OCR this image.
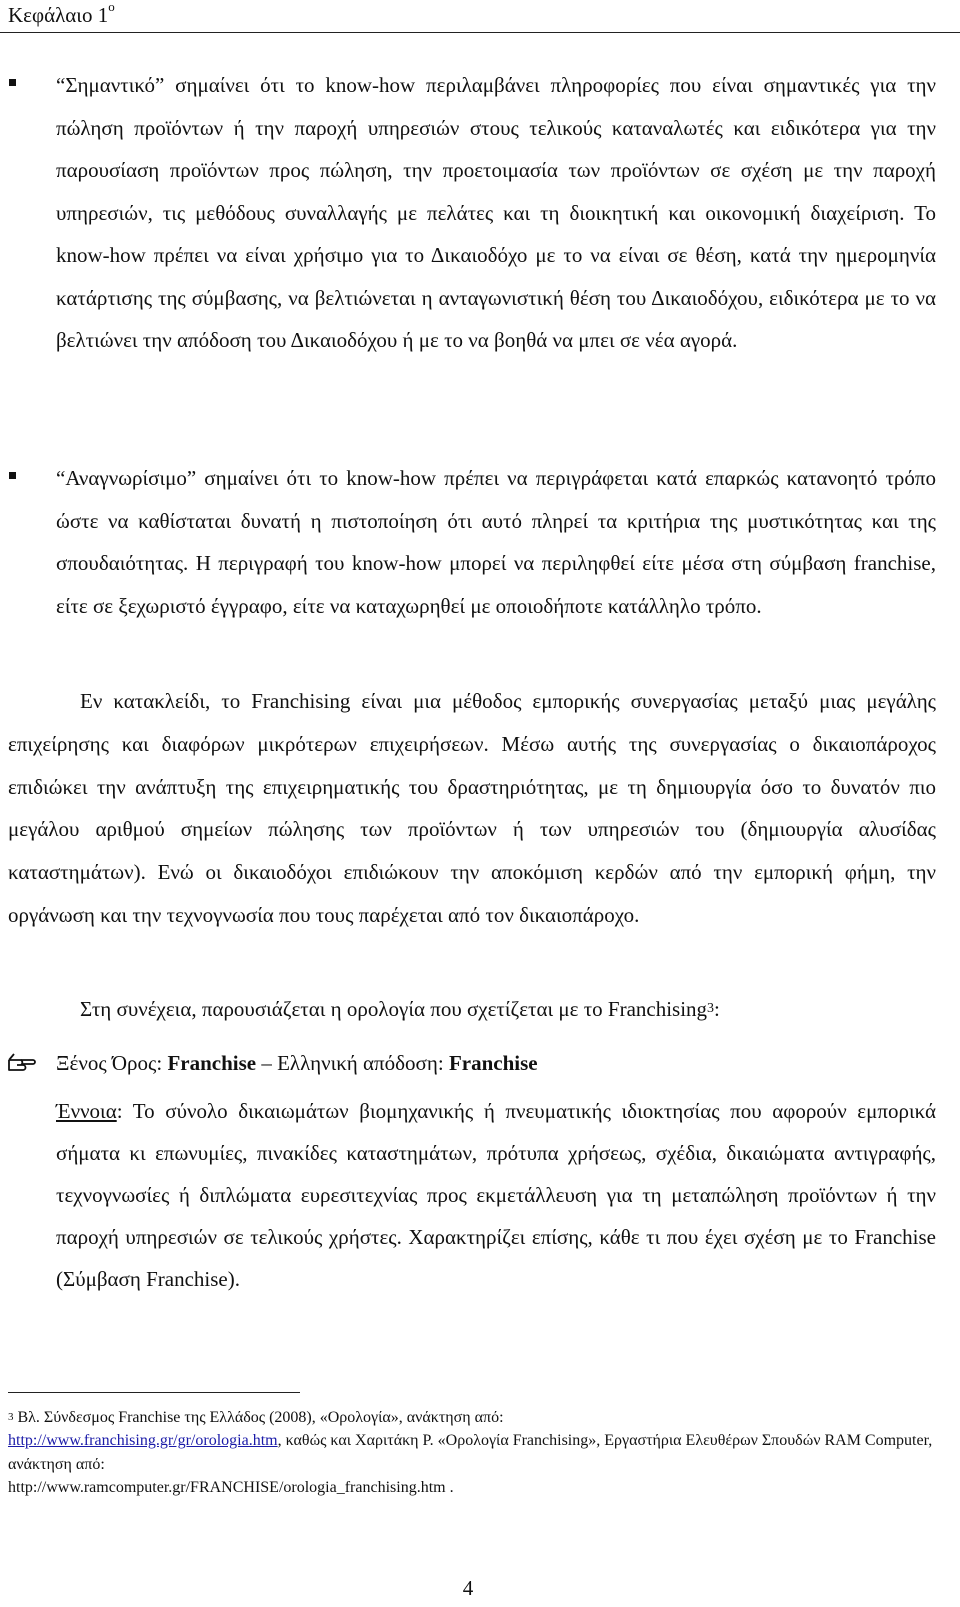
Κεφάλαιο $1^o$
“Σημαντικό” σημαίνει ότι το know-how περιλαμβάνει πληροφορίες που είναι σημαντικές για την πώληση προϊόντων ή την παροχή υπηρεσιών στους τελικούς καταναλωτές και ειδικότερα για την παρουσίαση προϊόντων προς πώληση, την προετοιμασία των προϊόντων σε σχέση με την παροχή υπηρεσιών, τις μεθόδους συναλλαγής με πελάτες και τη διοικητική και οικονομική διαχείριση. Το know-how πρέπει να είναι χρήσιμο για το Δικαιοδόχο με το να είναι σε θέση, κατά την ημερομηνία κατάρτισης της σύμβασης, να βελτιώνεται η ανταγωνιστική θέση του Δικαιοδόχου, ειδικότερα με το να βελτιώνει την απόδοση του Δικαιοδόχου ή με το να βοηθά να μπει σε νέα αγορά.
“Αναγνωρίσιμο” σημαίνει ότι το know-how πρέπει να περιγράφεται κατά επαρκώς κατανοητό τρόπο ώστε να καθίσταται δυνατή η πιστοποίηση ότι αυτό πληρεί τα κριτήρια της μυστικότητας και της σπουδαιότητας. Η περιγραφή του know-how μπορεί να περιληφθεί είτε μέσα στη σύμβαση franchise, είτε σε ξεχωριστό έγγραφο, είτε να καταχωρηθεί με οποιοδήποτε κατάλληλο τρόπο.
Εν κατακλείδι, το Franchising είναι μια μέθοδος εμπορικής συνεργασίας μεταξύ μιας μεγάλης επιχείρησης και διαφόρων μικρότερων επιχειρήσεων. Μέσω αυτής της συνεργασίας ο δικαιοπάροχος επιδιώκει την ανάπτυξη της επιχειρηματικής του δραστηριότητας, με τη δημιουργία όσο το δυνατόν πιο μεγάλου αριθμού σημείων πώλησης των προϊόντων ή των υπηρεσιών του (δημιουργία αλυσίδας καταστημάτων). Ενώ οι δικαιοδόχοι επιδιώκουν την αποκόμιση κερδών από την εμπορική φήμη, την οργάνωση και την τεχνογνωσία που τους παρέχεται από τον δικαιοπάροχο.
Στη συνέχεια, παρουσιάζεται η ορολογία που σχετίζεται με το Franchising$^3$:
Ξένος Όρος: Franchise – Ελληνική απόδοση: Franchise
Έννοια: Το σύνολο δικαιωμάτων βιομηχανικής ή πνευματικής ιδιοκτησίας που αφορούν εμπορικά σήματα κι επωνυμίες, πινακίδες καταστημάτων, πρότυπα χρήσεως, σχέδια, δικαιώματα αντιγραφής, τεχνογνωσίες ή διπλώματα ευρεσιτεχνίας προς εκμετάλλευση για τη μεταπώληση προϊόντων ή την παροχή υπηρεσιών σε τελικούς χρήστες. Χαρακτηρίζει επίσης, κάθε τι που έχει σχέση με το Franchise (Σύμβαση Franchise).
$^3$ Βλ. Σύνδεσμος Franchise της Ελλάδος (2008), «Ορολογία», ανάκτηση από:
http://www.franchising.gr/gr/orologia.htm, καθώς και Χαριτάκη Ρ. «Ορολογία Franchising», Εργαστήρια Ελευθέρων Σπουδών RAM Computer, ανάκτηση από:
http://www.ramcomputer.gr/FRANCHISE/orologia_franchising.htm .
4
